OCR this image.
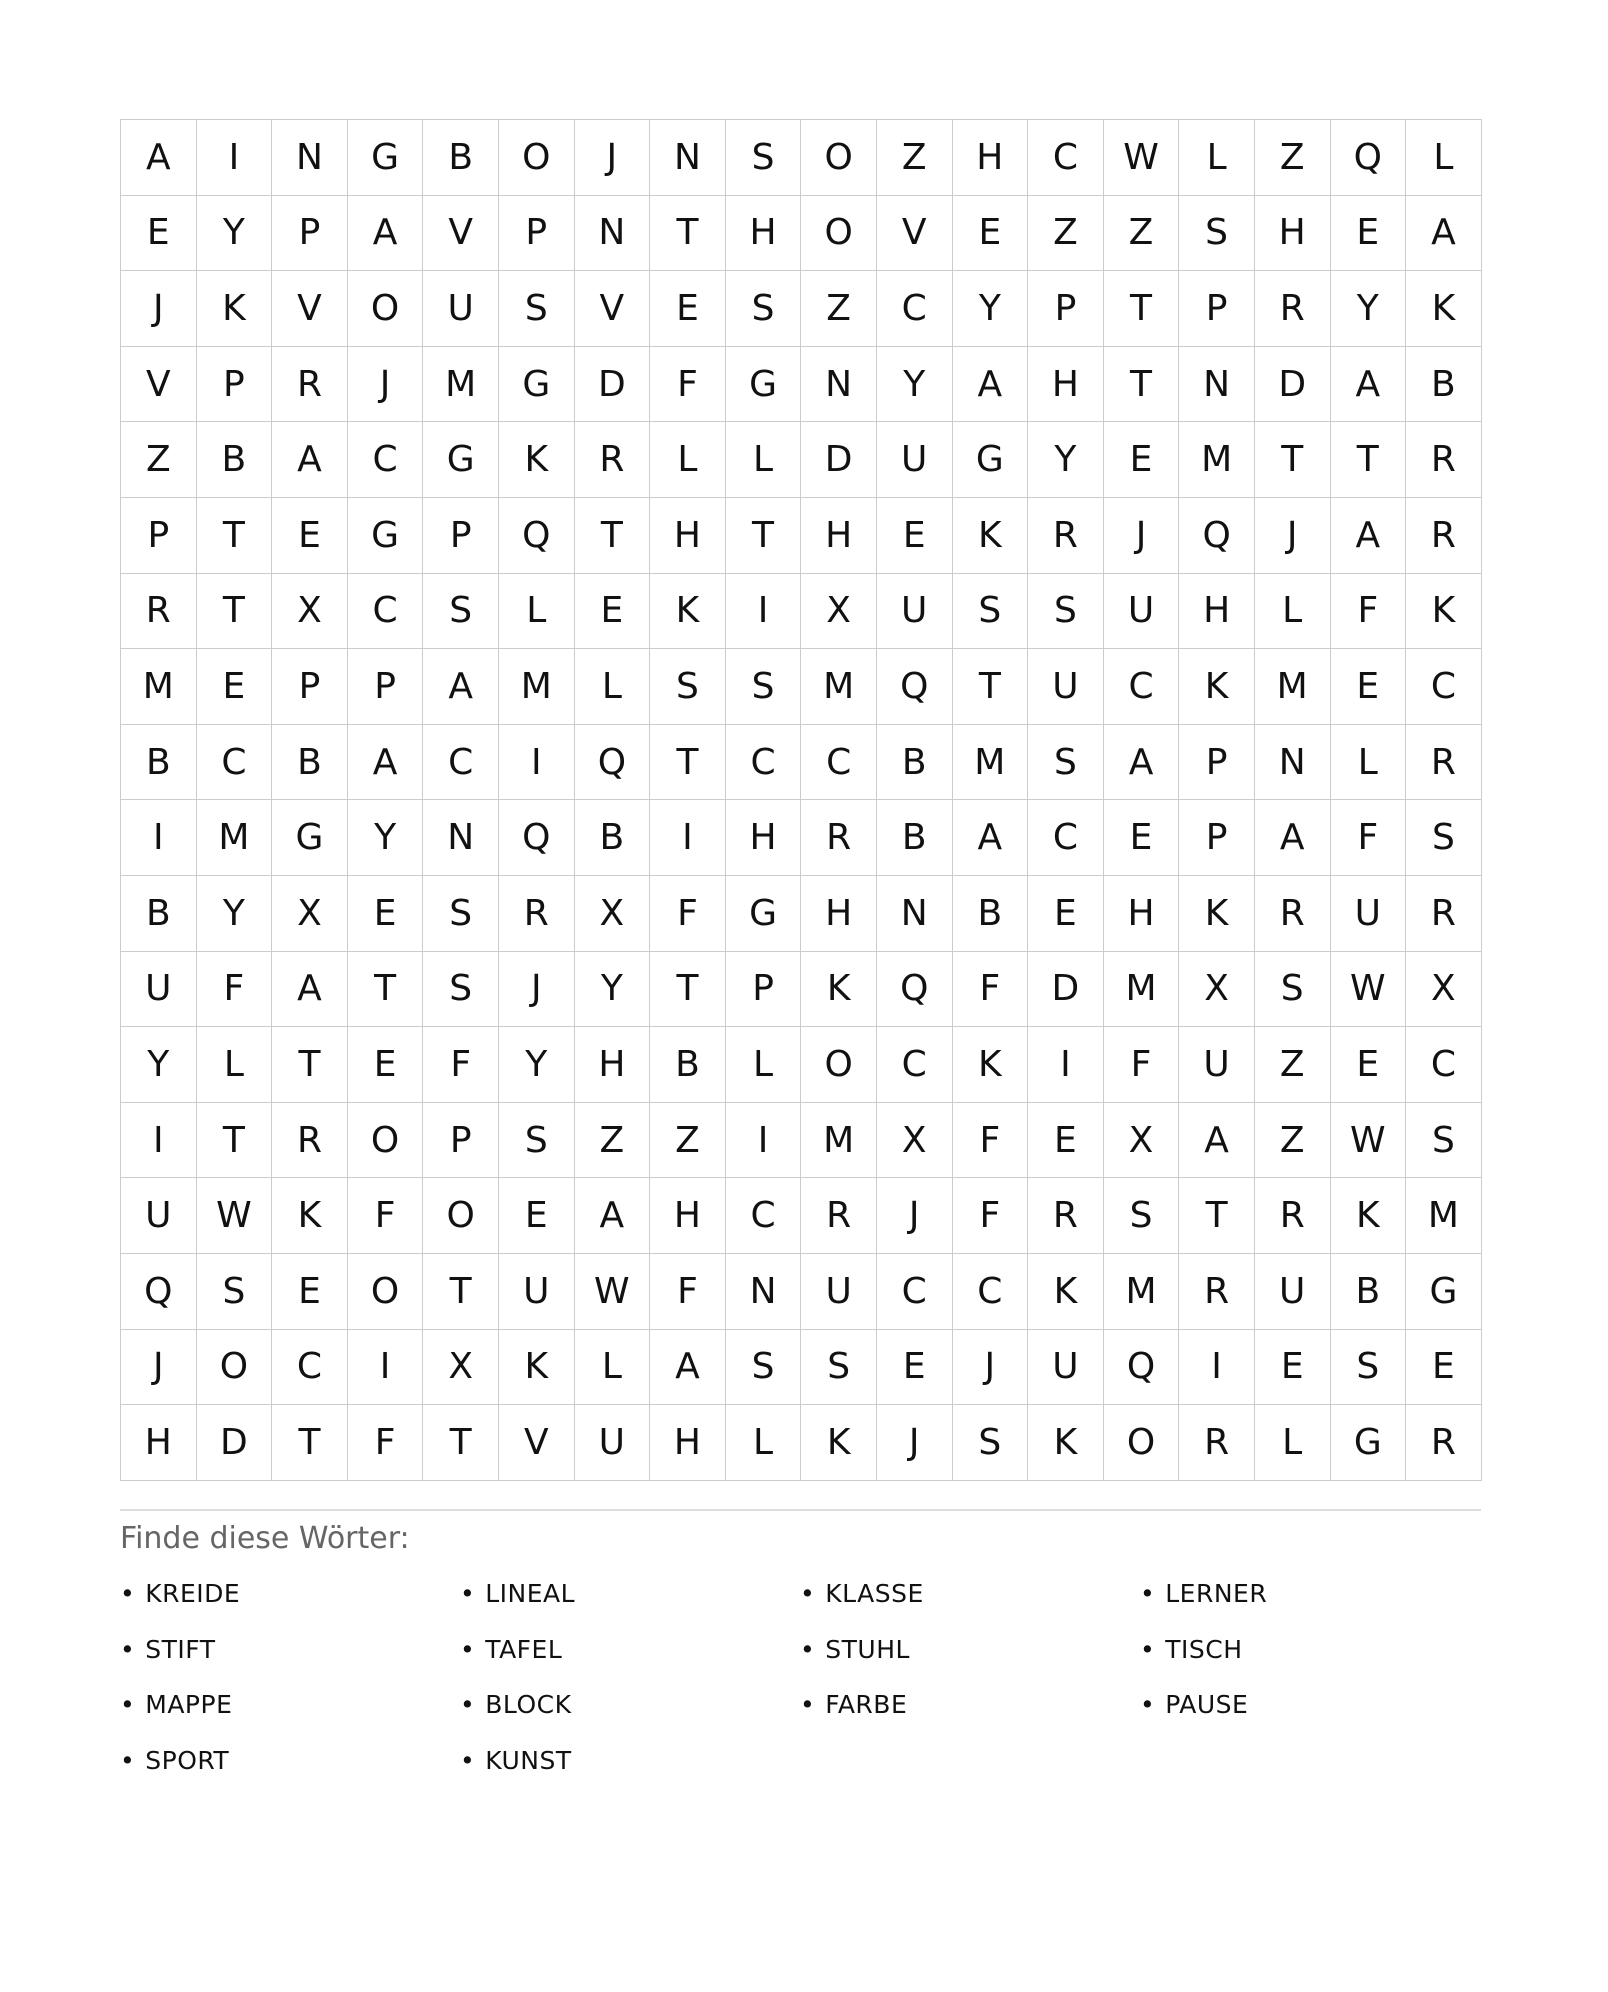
A	I	N	G	B	O	J	N	S	O	Z	H	C	W	L	Z	Q	L
E	Y	P	A	V	P	N	T	H	O	V	E	Z	Z	S	H	E	A
J	K	V	O	U	S	V	E	S	Z	C	Y	P	T	P	R	Y	K
V	P	R	J	M	G	D	F	G	N	Y	A	H	T	N	D	A	B
Z	B	A	C	G	K	R	L	L	D	U	G	Y	E	M	T	T	R
P	T	E	G	P	Q	T	H	T	H	E	K	R	J	Q	J	A	R
R	T	X	C	S	L	E	K	I	X	U	S	S	U	H	L	F	K
M	E	P	P	A	M	L	S	S	M	Q	T	U	C	K	M	E	C
B	C	B	A	C	I	Q	T	C	C	B	M	S	A	P	N	L	R
I	M	G	Y	N	Q	B	I	H	R	B	A	C	E	P	A	F	S
B	Y	X	E	S	R	X	F	G	H	N	B	E	H	K	R	U	R
U	F	A	T	S	J	Y	T	P	K	Q	F	D	M	X	S	W	X
Y	L	T	E	F	Y	H	B	L	O	C	K	I	F	U	Z	E	C
I	T	R	O	P	S	Z	Z	I	M	X	F	E	X	A	Z	W	S
U	W	K	F	O	E	A	H	C	R	J	F	R	S	T	R	K	M
Q	S	E	O	T	U	W	F	N	U	C	C	K	M	R	U	B	G
J	O	C	I	X	K	L	A	S	S	E	J	U	Q	I	E	S	E
H	D	T	F	T	V	U	H	L	K	J	S	K	O	R	L	G	R
Finde diese Wörter:
• KREIDE	• LINEAL	• KLASSE	• LERNER
• STIFT	• TAFEL	• STUHL	• TISCH
• MAPPE	• BLOCK	• FARBE	• PAUSE
• SPORT	• KUNST
